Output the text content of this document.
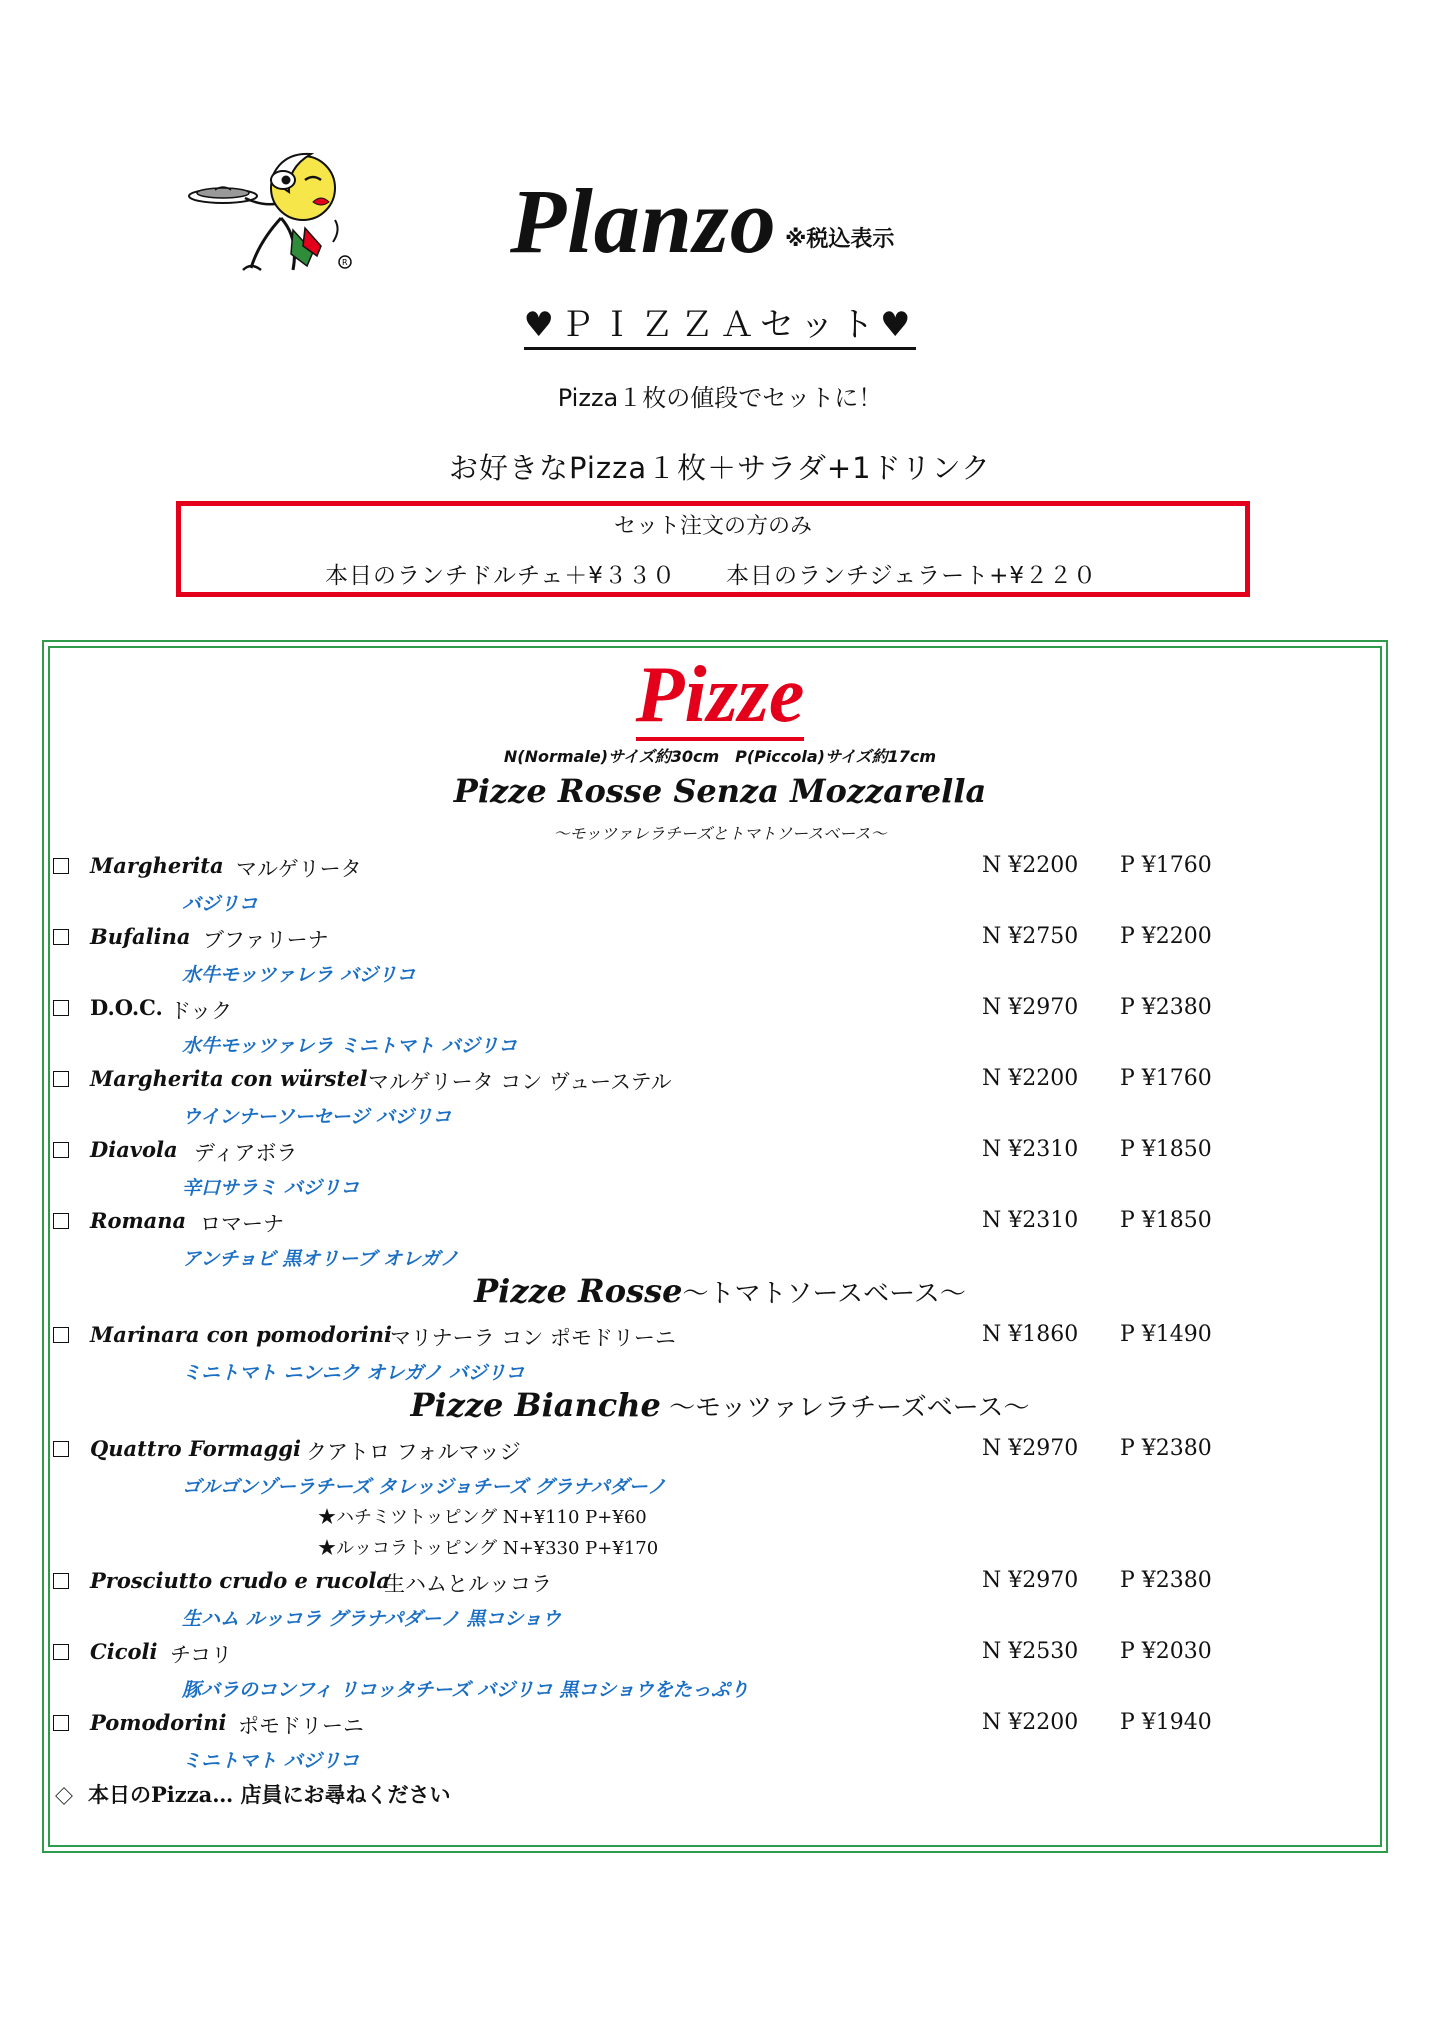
R Planzo ※税込表示
♥ＰＩＺＺＡセット♥
Pizza１枚の値段でセットに！
お好きなPizza１枚＋サラダ+1ドリンク
セット注文の方のみ
本日のランチドルチェ＋¥３３０ 本日のランチジェラート+¥２２０
Pizze
N(Normale)サイズ約30cm　P(Piccola)サイズ約17cm
Pizze Rosse Senza Mozzarella
～モッツァレラチーズとトマトソースベース～
Margherita マルゲリータ	N ¥2200 P ¥1760
バジリコ
Bufalina ブファリーナ	N ¥2750 P ¥2200
水牛モッツァレラ バジリコ
D.O.C. ドック	N ¥2970 P ¥2380
水牛モッツァレラ ミニトマト バジリコ
Margherita con würstel マルゲリータ コン ヴューステル	N ¥2200 P ¥1760
ウインナーソーセージ バジリコ
Diavola ディアボラ	N ¥2310 P ¥1850
辛口サラミ バジリコ
Romana ロマーナ	N ¥2310 P ¥1850
アンチョビ 黒オリーブ オレガノ
Pizze Rosse～トマトソースベース～
Marinara con pomodorini
マリナーラ コン ポモドリーニ	N ¥1860 P ¥1490
ミニトマト ニンニク オレガノ バジリコ
Pizze Bianche ～モッツァレラチーズベース～
Quattro Formaggi クアトロ フォルマッジ	N ¥2970 P ¥2380
ゴルゴンゾーラチーズ タレッジョチーズ グラナパダーノ
★ハチミツトッピング N+¥110 P+¥60
★ルッコラトッピング N+¥330 P+¥170
Prosciutto crudo e rucola
生ハムとルッコラ	N ¥2970 P ¥2380
生ハム ルッコラ グラナパダーノ 黒コショウ
Cicoli チコリ	N ¥2530 P ¥2030
豚バラのコンフィ リコッタチーズ バジリコ 黒コショウをたっぷり
Pomodorini ポモドリーニ	N ¥2200 P ¥1940
ミニトマト バジリコ
本日のPizza… 店員にお尋ねください
